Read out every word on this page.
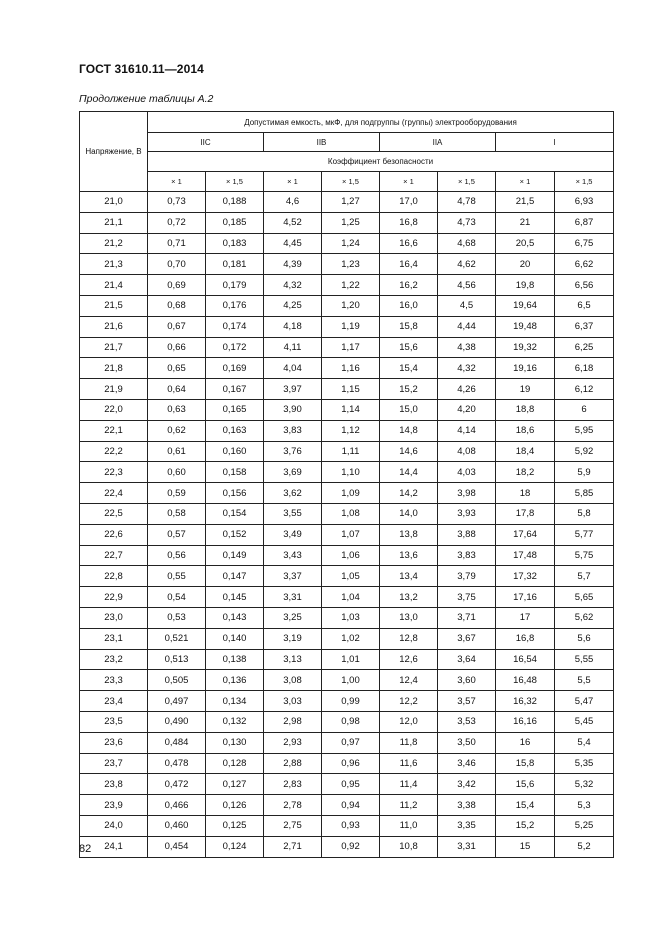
ГОСТ 31610.11—2014
Продолжение таблицы А.2
Напряжение, В	Допустимая емкость, мкФ, для подгруппы (группы) электрооборудования							
	IIC		IIB		IIA		I	
	Коэффициент безопасности							
	× 1	× 1,5	× 1	× 1,5	× 1	× 1,5	× 1	× 1,5
21,0	0,73	0,188	4,6	1,27	17,0	4,78	21,5	6,93
21,1	0,72	0,185	4,52	1,25	16,8	4,73	21	6,87
21,2	0,71	0,183	4,45	1,24	16,6	4,68	20,5	6,75
21,3	0,70	0,181	4,39	1,23	16,4	4,62	20	6,62
21,4	0,69	0,179	4,32	1,22	16,2	4,56	19,8	6,56
21,5	0,68	0,176	4,25	1,20	16,0	4,5	19,64	6,5
21,6	0,67	0,174	4,18	1,19	15,8	4,44	19,48	6,37
21,7	0,66	0,172	4,11	1,17	15,6	4,38	19,32	6,25
21,8	0,65	0,169	4,04	1,16	15,4	4,32	19,16	6,18
21,9	0,64	0,167	3,97	1,15	15,2	4,26	19	6,12
22,0	0,63	0,165	3,90	1,14	15,0	4,20	18,8	6
22,1	0,62	0,163	3,83	1,12	14,8	4,14	18,6	5,95
22,2	0,61	0,160	3,76	1,11	14,6	4,08	18,4	5,92
22,3	0,60	0,158	3,69	1,10	14,4	4,03	18,2	5,9
22,4	0,59	0,156	3,62	1,09	14,2	3,98	18	5,85
22,5	0,58	0,154	3,55	1,08	14,0	3,93	17,8	5,8
22,6	0,57	0,152	3,49	1,07	13,8	3,88	17,64	5,77
22,7	0,56	0,149	3,43	1,06	13,6	3,83	17,48	5,75
22,8	0,55	0,147	3,37	1,05	13,4	3,79	17,32	5,7
22,9	0,54	0,145	3,31	1,04	13,2	3,75	17,16	5,65
23,0	0,53	0,143	3,25	1,03	13,0	3,71	17	5,62
23,1	0,521	0,140	3,19	1,02	12,8	3,67	16,8	5,6
23,2	0,513	0,138	3,13	1,01	12,6	3,64	16,54	5,55
23,3	0,505	0,136	3,08	1,00	12,4	3,60	16,48	5,5
23,4	0,497	0,134	3,03	0,99	12,2	3,57	16,32	5,47
23,5	0,490	0,132	2,98	0,98	12,0	3,53	16,16	5,45
23,6	0,484	0,130	2,93	0,97	11,8	3,50	16	5,4
23,7	0,478	0,128	2,88	0,96	11,6	3,46	15,8	5,35
23,8	0,472	0,127	2,83	0,95	11,4	3,42	15,6	5,32
23,9	0,466	0,126	2,78	0,94	11,2	3,38	15,4	5,3
24,0	0,460	0,125	2,75	0,93	11,0	3,35	15,2	5,25
24,1	0,454	0,124	2,71	0,92	10,8	3,31	15	5,2
82
